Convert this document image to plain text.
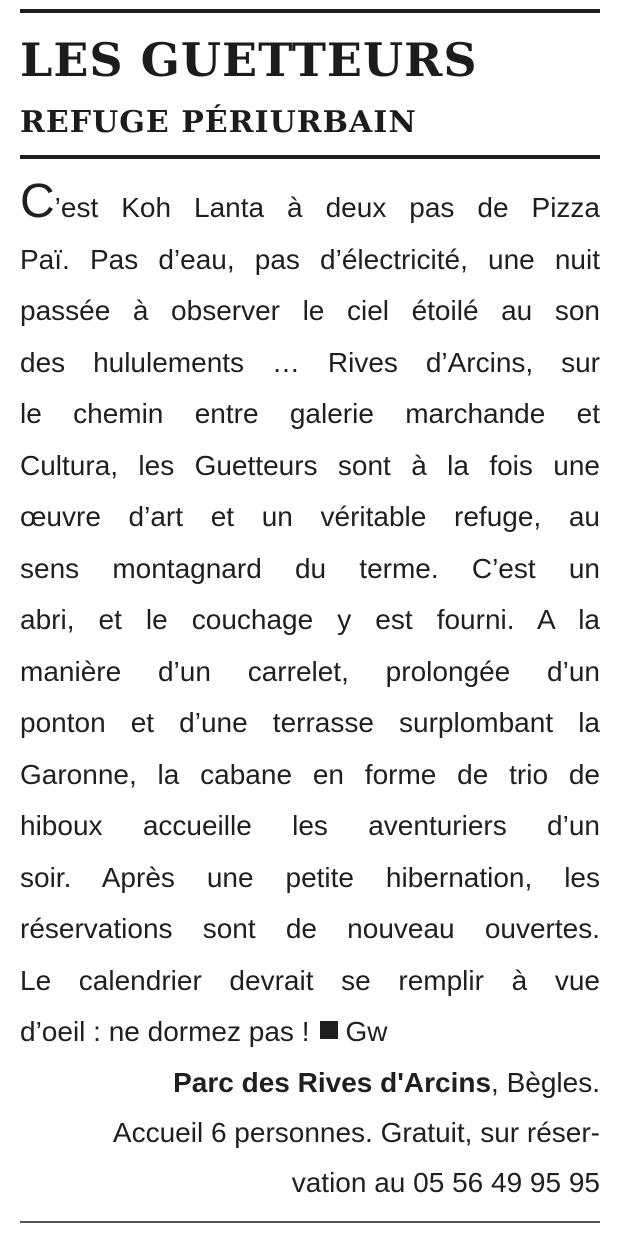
LES GUETTEURS
REFUGE PÉRIURBAIN
C’est Koh Lanta à deux pas de Pizza
Paï. Pas d’eau, pas d’électricité, une nuit
passée à observer le ciel étoilé au son
des hululements … Rives d’Arcins, sur
le chemin entre galerie marchande et
Cultura, les Guetteurs sont à la fois une
œuvre d’art et un véritable refuge, au
sens montagnard du terme. C’est un
abri, et le couchage y est fourni. A la
manière d’un carrelet, prolongée d’un
ponton et d’une terrasse surplombant la
Garonne, la cabane en forme de trio de
hiboux accueille les aventuriers d’un
soir. Après une petite hibernation, les
réservations sont de nouveau ouvertes.
Le calendrier devrait se remplir à vue
d’oeil : ne dormez pas ! Gw
Parc des Rives d'Arcins, Bègles.
Accueil 6 personnes. Gratuit, sur réser-
vation au 05 56 49 95 95
